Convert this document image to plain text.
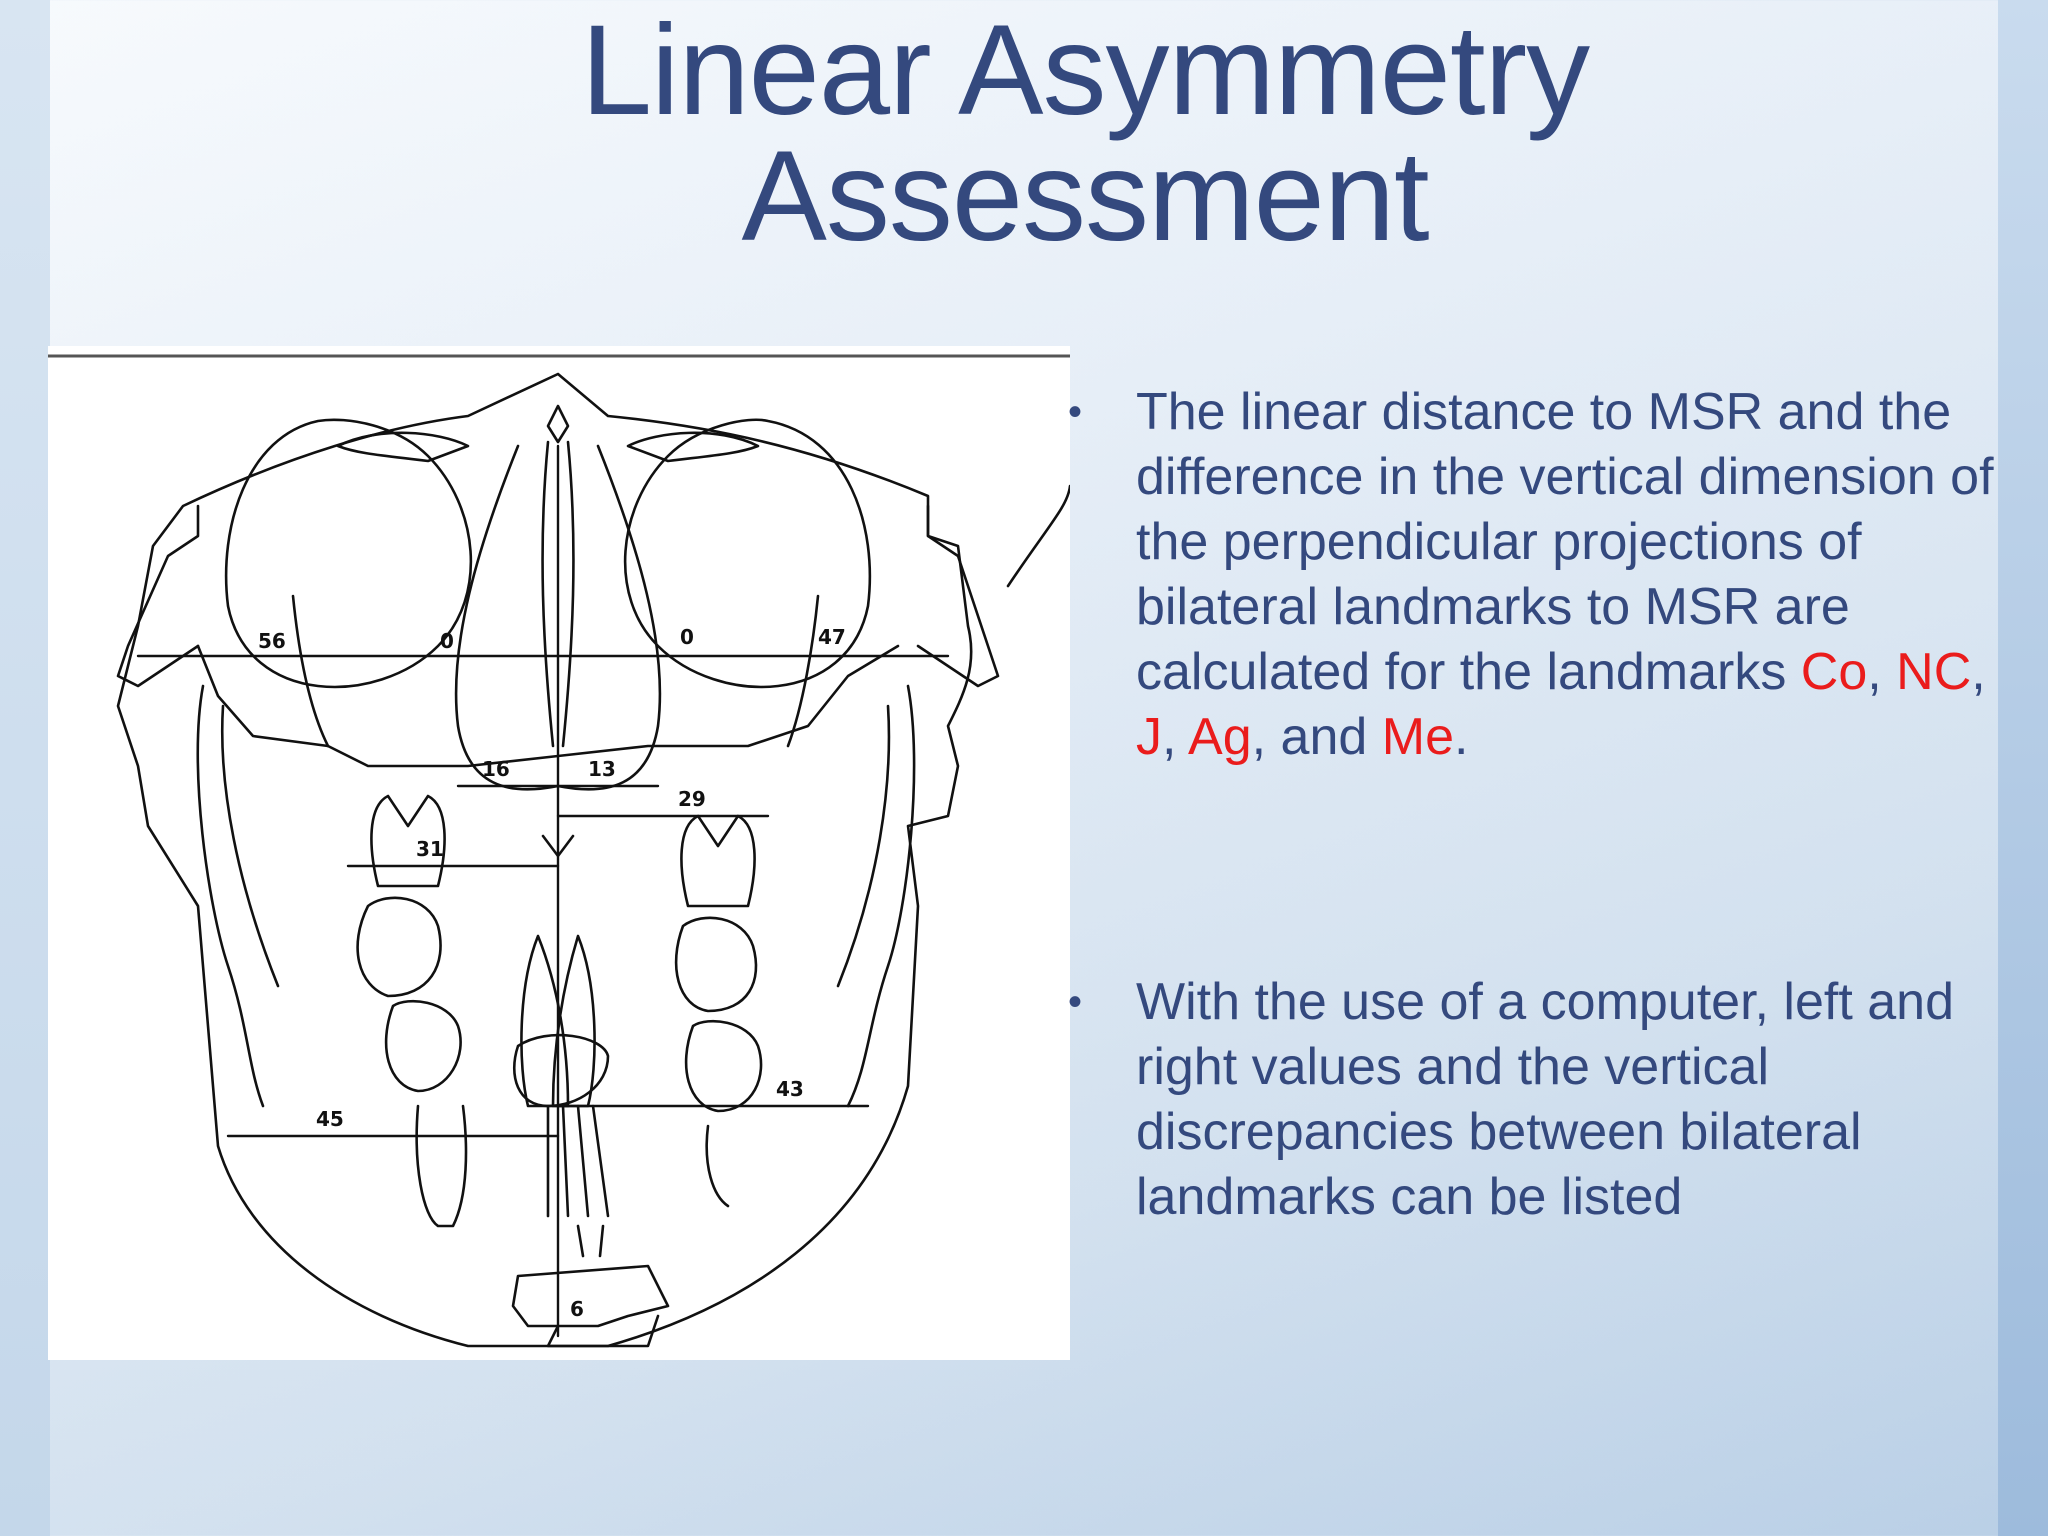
Linear Asymmetry
Assessment
56	0	0	47
16	13
29
31
45
43
6
• The linear distance to MSR and the difference in the vertical dimension of the perpendicular projections of bilateral landmarks to MSR are calculated for the landmarks Co, NC, J, Ag, and Me.
• With the use of a computer, left and right values and the vertical discrepancies between bilateral landmarks can be listed
